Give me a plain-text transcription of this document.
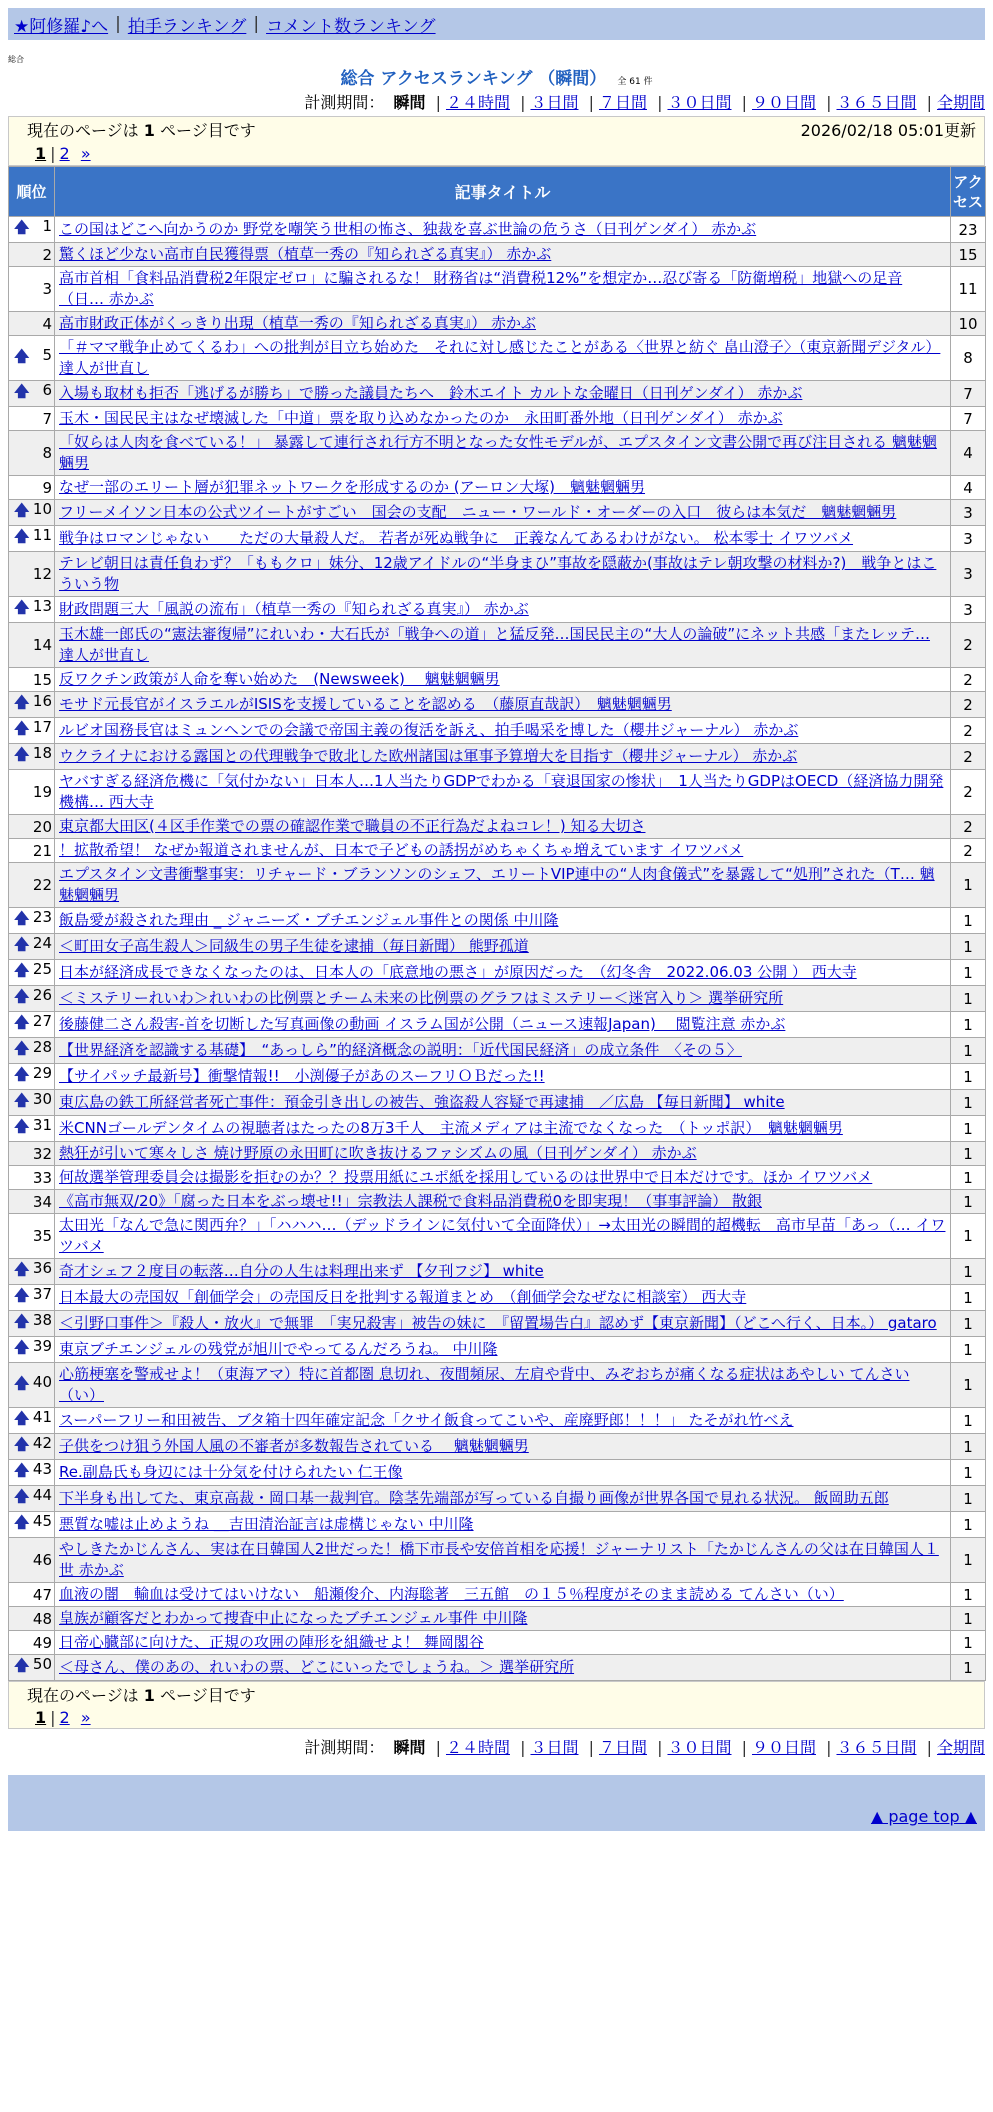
★阿修羅♪へ | 拍手ランキング | コメント数ランキング
総合
総合 アクセスランキング （瞬間） 全 61 件
計測期間： 瞬間 | ２４時間 | ３日間 | ７日間 | ３０日間 | ９０日間 | ３６５日間 | 全期間
現在のページは 1 ページ目です	2026/02/18 05:01更新
1 | 2 »
順位	記事タイトル	アクセス

🡅 1	この国はどこへ向かうのか 野党を嘲笑う世相の怖さ、独裁を喜ぶ世論の危うさ（日刊ゲンダイ） 赤かぶ	23
2	驚くほど少ない高市自民獲得票（植草一秀の『知られざる真実』） 赤かぶ	15
3	高市首相「食料品消費税2年限定ゼロ」に騙されるな！ 財務省は“消費税12%”を想定か…忍び寄る「防衛増税」地獄への足音（日… 赤かぶ	11
4	高市財政正体がくっきり出現（植草一秀の『知られざる真実』） 赤かぶ	10

🡅 5	「＃ママ戦争止めてくるわ」への批判が目立ち始めた　それに対し感じたことがある〈世界と紡ぐ 畠山澄子〉（東京新聞デジタル） 達人が世直し	8

🡅 6	入場も取材も拒否「逃げるが勝ち」で勝った議員たちへ　鈴木エイト カルトな金曜日（日刊ゲンダイ） 赤かぶ	7
7	玉木・国民民主はなぜ壊滅した「中道」票を取り込めなかったのか　永田町番外地（日刊ゲンダイ） 赤かぶ	7
8	「奴らは人肉を食べている！」 暴露して連行され行方不明となった女性モデルが、エプスタイン文書公開で再び注目される 魑魅魍魎男	4
9	なぜ一部のエリート層が犯罪ネットワークを形成するのか (アーロン大塚)　魑魅魍魎男	4

🡅 10	フリーメイソン日本の公式ツイートがすごい　国会の支配　ニュー・ワールド・オーダーの入口　彼らは本気だ　魑魅魍魎男	3

🡅 11	戦争はロマンじゃない　　ただの大量殺人だ。 若者が死ぬ戦争に　正義なんてあるわけがない。 松本零士 イワツバメ	3
12	テレビ朝日は責任負わず？「ももクロ」妹分、12歳アイドルの“半身まひ”事故を隠蔽か(事故はテレ朝攻撃の材料か?)　戦争とはこういう物	3

🡅 13	財政問題三大「風説の流布」（植草一秀の『知られざる真実』） 赤かぶ	3
14	玉木雄一郎氏の“憲法審復帰”にれいわ・大石氏が「戦争への道」と猛反発…国民民主の“大人の論破”にネット共感「またレッテ… 達人が世直し	2
15	反ワクチン政策が人命を奪い始めた　(Newsweek)　 魑魅魍魎男	2

🡅 16	モサド元長官がイスラエルがISISを支援していることを認める　（藤原直哉訳）　魑魅魍魎男	2

🡅 17	ルビオ国務長官はミュンヘンでの会議で帝国主義の復活を訴え、拍手喝采を博した（櫻井ジャーナル） 赤かぶ	2

🡅 18	ウクライナにおける露国との代理戦争で敗北した欧州諸国は軍事予算増大を目指す（櫻井ジャーナル） 赤かぶ	2
19	ヤバすぎる経済危機に「気付かない」日本人…1人当たりGDPでわかる「衰退国家の惨状」　1人当たりGDPはOECD（経済協力開発機構… 西大寺	2
20	東京都大田区(４区手作業での票の確認作業で職員の不正行為だよねコレ！) 知る大切さ	2
21	！拡散希望！ なぜか報道されませんが、日本で子どもの誘拐がめちゃくちゃ増えています イワツバメ	2
22	エプスタイン文書衝撃事実：リチャード・ブランソンのシェフ、エリートVIP連中の“人肉食儀式”を暴露して“処刑”された（T… 魑魅魍魎男	1

🡅 23	飯島愛が殺された理由 _ ジャニーズ・ブチエンジェル事件との関係 中川隆	1

🡅 24	＜町田女子高生殺人＞同級生の男子生徒を逮捕（毎日新聞） 熊野孤道	1

🡅 25	日本が経済成長できなくなったのは、日本人の「底意地の悪さ」が原因だった　（幻冬舎　2022.06.03 公開 ） 西大寺	1

🡅 26	＜ミステリーれいわ＞れいわの比例票とチーム未来の比例票のグラフはミステリー＜迷宮入り＞ 選挙研究所	1

🡅 27	後藤健二さん殺害-首を切断した写真画像の動画 イスラム国が公開（ニュース速報Japan)　 閲覧注意 赤かぶ	1

🡅 28	【世界経済を認識する基礎】　“あっしら”的経済概念の説明：「近代国民経済」の成立条件　〈その５〉	1

🡅 29	【サイパッチ最新号】衝撃情報!!　小渕優子があのスーフリＯＢだった!!	1

🡅 30	東広島の鉄工所経営者死亡事件：預金引き出しの被告、強盗殺人容疑で再逮捕　／広島 【毎日新聞】 white	1

🡅 31	米CNNゴールデンタイムの視聴者はたったの8万3千人　主流メディアは主流でなくなった　（トッポ訳）　魑魅魍魎男	1
32	熱狂が引いて寒々しさ 焼け野原の永田町に吹き抜けるファシズムの風（日刊ゲンダイ） 赤かぶ	1
33	何故選挙管理委員会は撮影を拒むのか？？投票用紙にユポ紙を採用しているのは世界中で日本だけです。ほか イワツバメ	1
34	《高市無双/20》「腐った日本をぶっ壊せ!!」宗教法人課税で食料品消費税0を即実現！（事事評論） 散銀	1
35	太田光「なんで急に関西弁？」「ハハハ…（デッドラインに気付いて全面降伏）」→太田光の瞬間的超機転　高市早苗「あっ（… イワツバメ	1

🡅 36	奇才シェフ２度目の転落…自分の人生は料理出来ず 【夕刊フジ】 white	1

🡅 37	日本最大の売国奴「創価学会」の売国反日を批判する報道まとめ　（創価学会なぜなに相談室） 西大寺	1

🡅 38	＜引野口事件＞『殺人・放火』で無罪　「実兄殺害」被告の妹に　『留置場告白』認めず【東京新聞】（どこへ行く、日本。） gataro	1

🡅 39	東京ブチエンジェルの残党が旭川でやってるんだろうね。 中川隆	1

🡅 40	心筋梗塞を警戒せよ！（東海アマ）特に首都圏 息切れ、夜間頻尿、左肩や背中、みぞおちが痛くなる症状はあやしい てんさい（い）	1

🡅 41	スーパーフリー和田被告、ブタ箱十四年確定記念「クサイ飯食ってこいや、産廃野郎！！！」 たそがれ竹べえ	1

🡅 42	子供をつけ狙う外国人風の不審者が多数報告されている　 魑魅魍魎男	1

🡅 43	Re.副島氏も身辺には十分気を付けられたい 仁王像	1

🡅 44	下半身も出してた、東京高裁・岡口基一裁判官。陰茎先端部が写っている自撮り画像が世界各国で見れる状況。 飯岡助五郎	1

🡅 45	悪質な嘘は止めようね ＿吉田清治証言は虚構じゃない 中川隆	1
46	やしきたかじんさん、実は在日韓国人2世だった！橋下市長や安倍首相を応援！ジャーナリスト「たかじんさんの父は在日韓国人１世 赤かぶ	1
47	血液の闇　輸血は受けてはいけない　船瀬俊介、内海聡著　三五館　の１５％程度がそのまま読める てんさい（い）	1
48	皇族が顧客だとわかって捜査中止になったブチエンジェル事件 中川隆	1
49	日帝心臓部に向けた、正規の攻囲の陣形を組織せよ！ 舞岡閣谷	1

🡅 50	＜母さん、僕のあの、れいわの票、どこにいったでしょうね。＞ 選挙研究所	1
現在のページは 1 ページ目です
1 | 2 »
計測期間： 瞬間 | ２４時間 | ３日間 | ７日間 | ３０日間 | ９０日間 | ３６５日間 | 全期間
▲ page top ▲
